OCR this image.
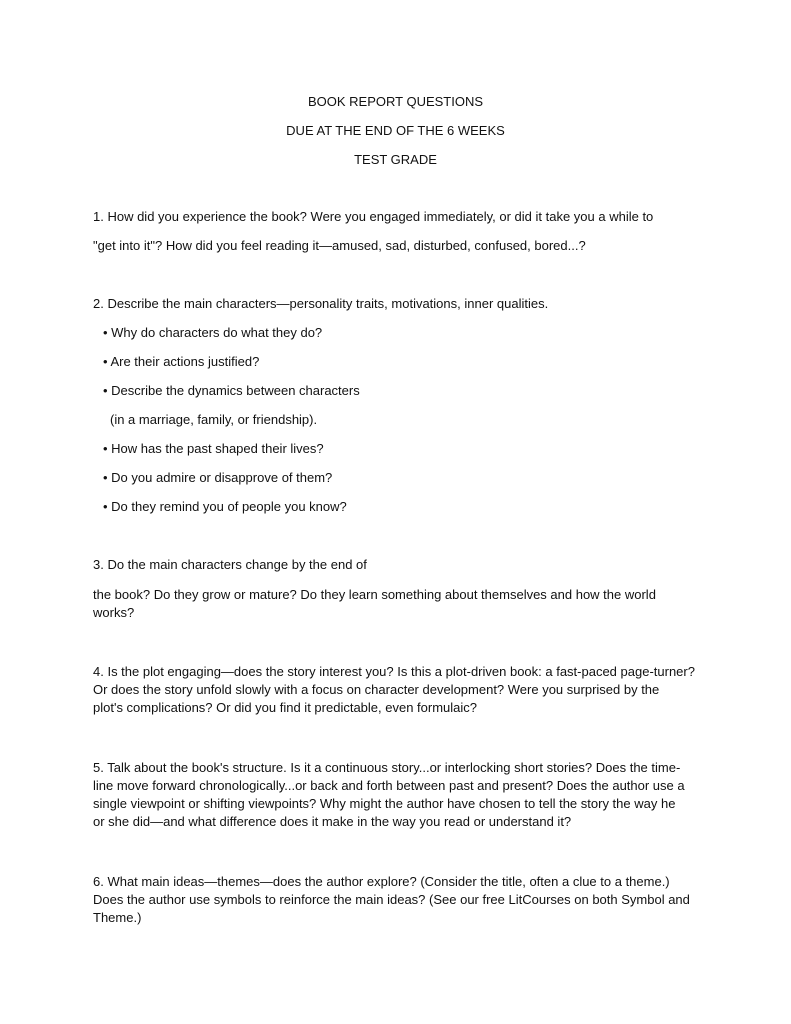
BOOK REPORT QUESTIONS
DUE AT THE END OF THE 6 WEEKS
TEST GRADE
1. How did you experience the book? Were you engaged immediately, or did it take you a while to
"get into it"? How did you feel reading it—amused, sad, disturbed, confused, bored...?
2. Describe the main characters—personality traits, motivations, inner qualities.
• Why do characters do what they do?
• Are their actions justified?
• Describe the dynamics between characters
(in a marriage, family, or friendship).
• How has the past shaped their lives?
• Do you admire or disapprove of them?
• Do they remind you of people you know?
3. Do the main characters change by the end of
the book? Do they grow or mature? Do they learn something about themselves and how the world
works?
4. Is the plot engaging—does the story interest you? Is this a plot-driven book: a fast-paced page-turner?
Or does the story unfold slowly with a focus on character development? Were you surprised by the
plot's complications? Or did you find it predictable, even formulaic?
5. Talk about the book's structure. Is it a continuous story...or interlocking short stories? Does the time-
line move forward chronologically...or back and forth between past and present? Does the author use a
single viewpoint or shifting viewpoints? Why might the author have chosen to tell the story the way he
or she did—and what difference does it make in the way you read or understand it?
6. What main ideas—themes—does the author explore? (Consider the title, often a clue to a theme.)
Does the author use symbols to reinforce the main ideas? (See our free LitCourses on both Symbol and
Theme.)
